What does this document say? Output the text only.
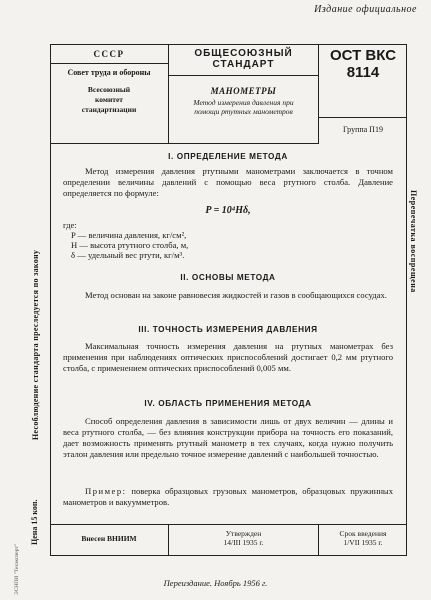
Издание официальное
СССР
Совет труда и обороны
Всесоюзный
комитет
стандартизации
ОБЩЕСОЮЗНЫЙ
СТАНДАРТ
МАНОМЕТРЫ
Метод измерения давления при
помощи ртутных манометров
ОСТ ВКС
8114
Группа П19
I. ОПРЕДЕЛЕНИЕ МЕТОДА
Метод измерения давления ртутными манометрами заключается в точном определении величины давлений с помощью веса ртутного столба. Давление определяется по формуле:
P = 10⁴Hδ,
где:
P — величина давления, кг/см²,
H — высота ртутного столба, м,
δ — удельный вес ртути, кг/м³.
II. ОСНОВЫ МЕТОДА
Метод основан на законе равновесия жидкостей и газов в сообщающихся сосудах.
III. ТОЧНОСТЬ ИЗМЕРЕНИЯ ДАВЛЕНИЯ
Максимальная точность измерения давления на ртутных манометрах без применения при наблюдениях оптических приспособлений достигает 0,2 мм ртутного столба, с применением оптических приспособлений 0,005 мм.
IV. ОБЛАСТЬ ПРИМЕНЕНИЯ МЕТОДА
Способ определения давления в зависимости лишь от двух величин — длины и веса ртутного столба, — без влияния конструкции прибора на точность его показаний, дает возможность применять ртутный манометр в тех случаях, когда нужно получить эталон давления или предельно точное измерение давлений с наибольшей точностью.
Пример: поверка образцовых грузовых манометров, образцовых пружинных манометров и вакуумметров.
Внесен ВНИИМ
Утвержден
14/III 1935 г.
Срок введения
1/VII 1935 г.
Переиздание. Ноябрь 1956 г.
Несоблюдение стандарта преследуется по закону
Перепечатка воспрещена
Цена 15 коп.
ЭСНПИ "Техэксперт"
